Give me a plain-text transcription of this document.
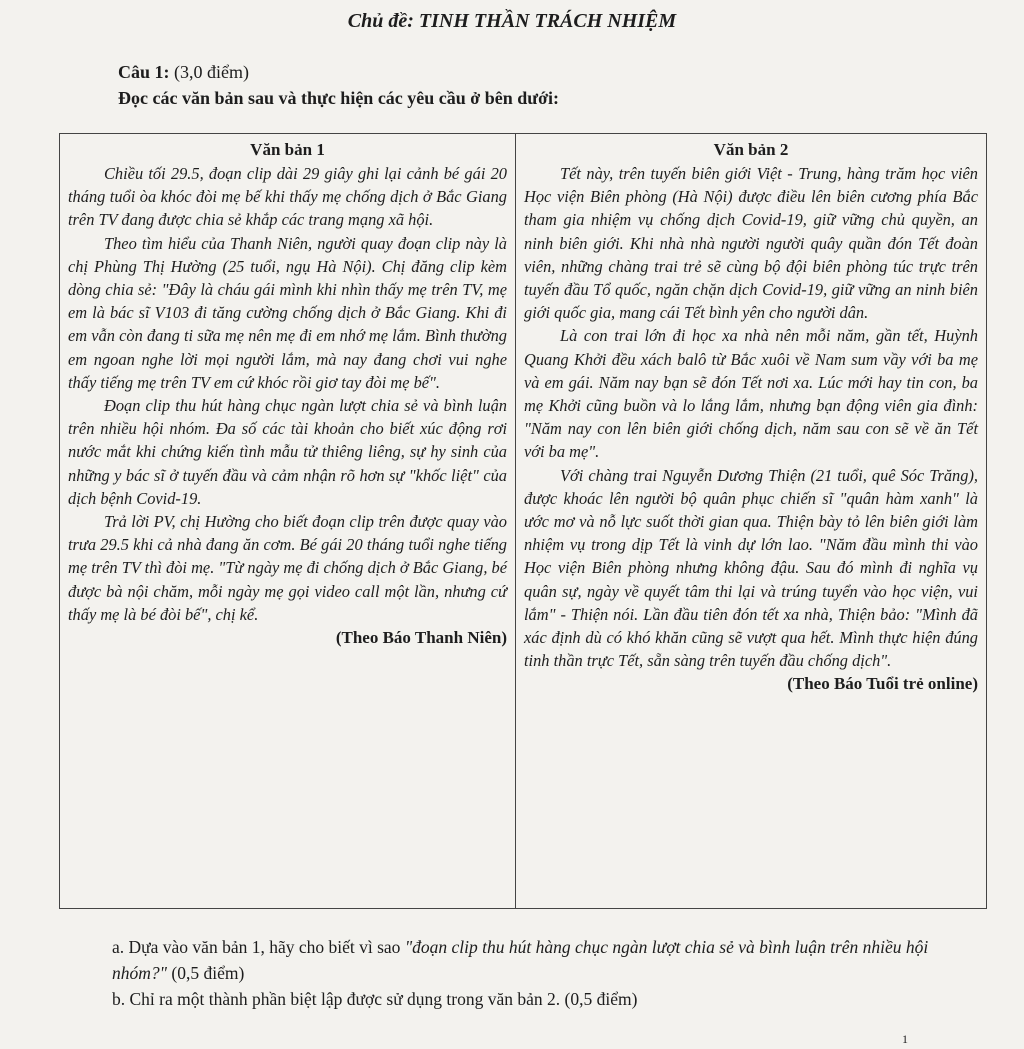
Chủ đề: TINH THẦN TRÁCH NHIỆM
Câu 1: (3,0 điểm)
Đọc các văn bản sau và thực hiện các yêu cầu ở bên dưới:
Văn bản 1

Chiều tối 29.5, đoạn clip dài 29 giây ghi lại cảnh bé gái 20 tháng tuổi òa khóc đòi mẹ bế khi thấy mẹ chống dịch ở Bắc Giang trên TV đang được chia sẻ khắp các trang mạng xã hội.

Theo tìm hiểu của Thanh Niên, người quay đoạn clip này là chị Phùng Thị Hường (25 tuổi, ngụ Hà Nội). Chị đăng clip kèm dòng chia sẻ: "Đây là cháu gái mình khi nhìn thấy mẹ trên TV, mẹ em là bác sĩ V103 đi tăng cường chống dịch ở Bắc Giang. Khi đi em vẫn còn đang ti sữa mẹ nên mẹ đi em nhớ mẹ lắm. Bình thường em ngoan nghe lời mọi người lắm, mà nay đang chơi vui nghe thấy tiếng mẹ trên TV em cứ khóc rồi giơ tay đòi mẹ bế".

Đoạn clip thu hút hàng chục ngàn lượt chia sẻ và bình luận trên nhiều hội nhóm. Đa số các tài khoản cho biết xúc động rơi nước mắt khi chứng kiến tình mẫu tử thiêng liêng, sự hy sinh của những y bác sĩ ở tuyến đầu và cảm nhận rõ hơn sự "khốc liệt" của dịch bệnh Covid-19.

Trả lời PV, chị Hường cho biết đoạn clip trên được quay vào trưa 29.5 khi cả nhà đang ăn cơm. Bé gái 20 tháng tuổi nghe tiếng mẹ trên TV thì đòi mẹ. "Từ ngày mẹ đi chống dịch ở Bắc Giang, bé được bà nội chăm, mỗi ngày mẹ gọi video call một lần, nhưng cứ thấy mẹ là bé đòi bế", chị kể.

(Theo Báo Thanh Niên)
Văn bản 2

Tết này, trên tuyến biên giới Việt - Trung, hàng trăm học viên Học viện Biên phòng (Hà Nội) được điều lên biên cương phía Bắc tham gia nhiệm vụ chống dịch Covid-19, giữ vững chủ quyền, an ninh biên giới. Khi nhà nhà người người quây quần đón Tết đoàn viên, những chàng trai trẻ sẽ cùng bộ đội biên phòng túc trực trên tuyến đầu Tổ quốc, ngăn chặn dịch Covid-19, giữ vững an ninh biên giới quốc gia, mang cái Tết bình yên cho người dân.

Là con trai lớn đi học xa nhà nên mỗi năm, gần tết, Huỳnh Quang Khởi đều xách balô từ Bắc xuôi về Nam sum vầy với ba mẹ và em gái. Năm nay bạn sẽ đón Tết nơi xa. Lúc mới hay tin con, ba mẹ Khởi cũng buồn và lo lắng lắm, nhưng bạn động viên gia đình: "Năm nay con lên biên giới chống dịch, năm sau con sẽ về ăn Tết với ba mẹ".

Với chàng trai Nguyễn Dương Thiện (21 tuổi, quê Sóc Trăng), được khoác lên người bộ quân phục chiến sĩ "quân hàm xanh" là ước mơ và nỗ lực suốt thời gian qua. Thiện bày tỏ lên biên giới làm nhiệm vụ trong dịp Tết là vinh dự lớn lao. "Năm đầu mình thi vào Học viện Biên phòng nhưng không đậu. Sau đó mình đi nghĩa vụ quân sự, ngày về quyết tâm thi lại và trúng tuyển vào học viện, vui lắm" - Thiện nói. Lần đầu tiên đón tết xa nhà, Thiện bảo: "Mình đã xác định dù có khó khăn cũng sẽ vượt qua hết. Mình thực hiện đúng tinh thần trực Tết, sẵn sàng trên tuyến đầu chống dịch".

(Theo Báo Tuổi trẻ online)

a. Dựa vào văn bản 1, hãy cho biết vì sao "đoạn clip thu hút hàng chục ngàn lượt chia sẻ và bình luận trên nhiều hội nhóm?" (0,5 điểm)

b. Chỉ ra một thành phần biệt lập được sử dụng trong văn bản 2. (0,5 điểm)

1
